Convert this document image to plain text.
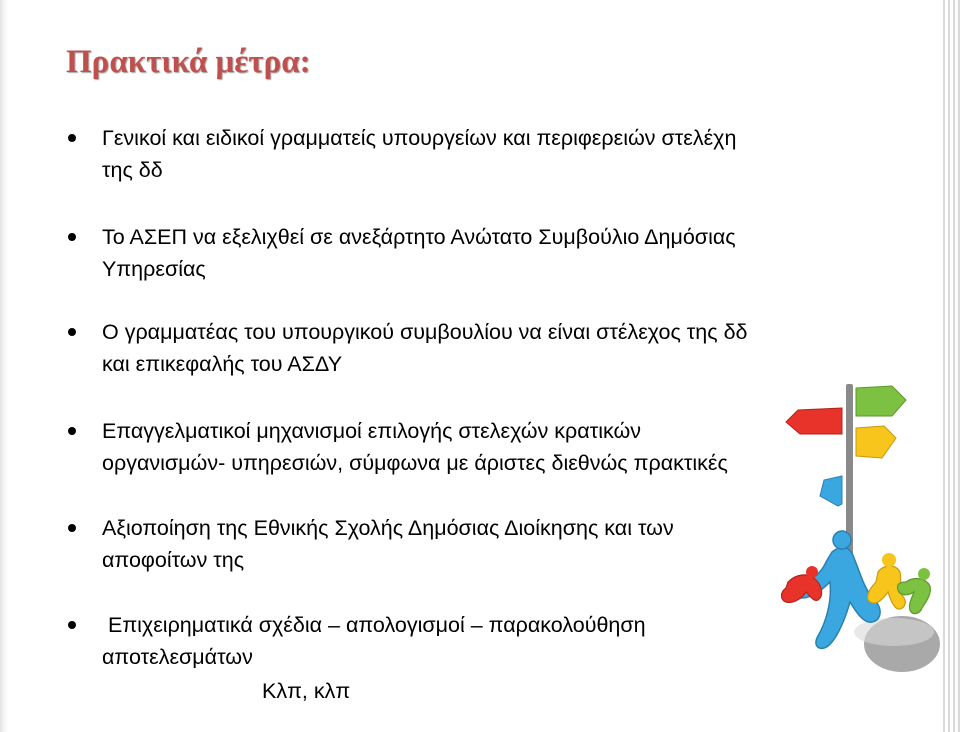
Πρακτικά μέτρα:
Γενικοί και ειδικοί γραμματείς υπουργείων και περιφερειών στελέχη
της δδ
Το ΑΣΕΠ να εξελιχθεί σε ανεξάρτητο Ανώτατο Συμβούλιο Δημόσιας
Υπηρεσίας
Ο γραμματέας του υπουργικού συμβουλίου να είναι στέλεχος της δδ
και επικεφαλής του ΑΣΔΥ
Επαγγελματικοί μηχανισμοί επιλογής στελεχών κρατικών
οργανισμών- υπηρεσιών, σύμφωνα με άριστες διεθνώς πρακτικές
Αξιοποίηση της Εθνικής Σχολής Δημόσιας Διοίκησης και των
αποφοίτων της
Επιχειρηματικά σχέδια – απολογισμοί – παρακολούθηση
αποτελεσμάτων
Κλπ, κλπ
